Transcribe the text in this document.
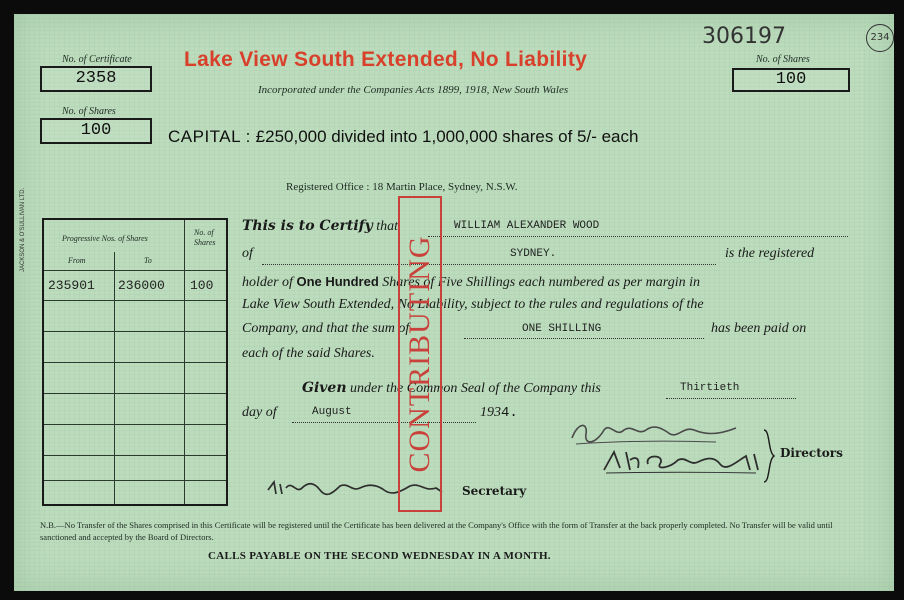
306197	234
No. of Certificate
2358
No. of Shares
100
No. of Shares
100
Lake View South Extended, No Liability
Incorporated under the Companies Acts 1899, 1918, New South Wales
CAPITAL : £250,000 divided into 1,000,000 shares of 5/- each
Registered Office : 18 Martin Place, Sydney, N.S.W.
JACKSON & O'SULLIVAN LTD.	Progressive Nos. of Shares
From	To
No. of
Shares
235901 236000 100
This is to Certify that	WILLIAM ALEXANDER WOOD
of	SYDNEY.	is the registered
holder of One Hundred Shares of Five Shillings each numbered as per margin in
Lake View South Extended, No Liability, subject to the rules and regulations of the
Company, and that the sum of	ONE SHILLING	has been paid on
each of the said Shares.
Given under the Common Seal of the Company this	Thirtieth
day of	August	1934.
Directors
Secretary
CONTRIBUTING
N.B.—No Transfer of the Shares comprised in this Certificate will be registered until the Certificate has been delivered at the Company's Office with the form of Transfer at the back properly completed. No Transfer will be valid until sanctioned and accepted by the Board of Directors.
CALLS PAYABLE ON THE SECOND WEDNESDAY IN A MONTH.
